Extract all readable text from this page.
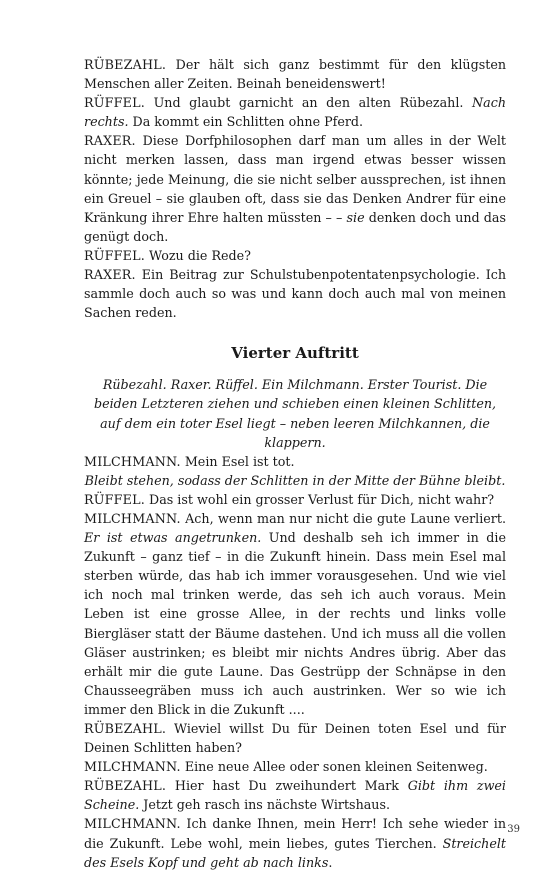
RÜBEZAHL. Der hält sich ganz bestimmt für den klügsten Menschen aller Zeiten. Beinah beneidenswert!

RÜFFEL. Und glaubt garnicht an den alten Rübezahl. Nach rechts. Da kommt ein Schlitten ohne Pferd.

RAXER. Diese Dorfphilosophen darf man um alles in der Welt nicht merken lassen, dass man irgend etwas besser wissen könnte; jede Meinung, die sie nicht selber aussprechen, ist ihnen ein Greuel – sie glauben oft, dass sie das Denken Andrer für eine Kränkung ihrer Ehre halten müssten – – sie denken doch und das genügt doch.

RÜFFEL. Wozu die Rede?

RAXER. Ein Beitrag zur Schulstubenpotentatenpsychologie. Ich sammle doch auch so was und kann doch auch mal von meinen Sachen reden.

Vierter Auftritt

Rübezahl. Raxer. Rüffel. Ein Milchmann. Erster Tourist. Die beiden Letzteren ziehen und schieben einen kleinen Schlitten, auf dem ein toter Esel liegt – neben leeren Milchkannen, die klappern.

MILCHMANN. Mein Esel ist tot.

Bleibt stehen, sodass der Schlitten in der Mitte der Bühne bleibt.

RÜFFEL. Das ist wohl ein grosser Verlust für Dich, nicht wahr?

MILCHMANN. Ach, wenn man nur nicht die gute Laune verliert. Er ist etwas angetrunken. Und deshalb seh ich immer in die Zukunft – ganz tief – in die Zukunft hinein. Dass mein Esel mal sterben würde, das hab ich immer vorausgesehen. Und wie viel ich noch mal trinken werde, das seh ich auch voraus. Mein Leben ist eine grosse Allee, in der rechts und links volle Biergläser statt der Bäume dastehen. Und ich muss all die vollen Gläser austrinken; es bleibt mir nichts Andres übrig. Aber das erhält mir die gute Laune. Das Gestrüpp der Schnäpse in den Chausseegräben muss ich auch austrinken. Wer so wie ich immer den Blick in die Zukunft ....

RÜBEZAHL. Wieviel willst Du für Deinen toten Esel und für Deinen Schlitten haben?

MILCHMANN. Eine neue Allee oder sonen kleinen Seitenweg.

RÜBEZAHL. Hier hast Du zweihundert Mark Gibt ihm zwei Scheine. Jetzt geh rasch ins nächste Wirtshaus.

MILCHMANN. Ich danke Ihnen, mein Herr! Ich sehe wieder in die Zukunft. Lebe wohl, mein liebes, gutes Tierchen. Streichelt des Esels Kopf und geht ab nach links.

39
